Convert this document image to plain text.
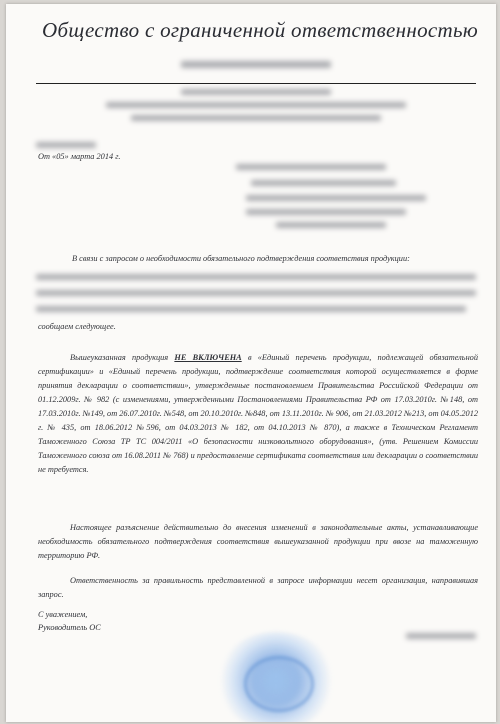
Общество с ограниченной ответственностью
От «05» марта 2014 г.
В связи с запросом о необходимости обязательного подтверждения соответствия продукции:
сообщаем следующее.
Вышеуказанная продукция НЕ ВКЛЮЧЕНА в «Единый перечень продукции, подлежащей обязательной сертификации» и «Единый перечень продукции, подтверждение соответствия которой осуществляется в форме принятия декларации о соответствии», утвержденные постановлением Правительства Российской Федерации от 01.12.2009г. № 982 (с изменениями, утвержденными Постановлениями Правительства РФ от 17.03.2010г. №148, от 17.03.2010г. №149, от 26.07.2010г. №548, от 20.10.2010г. №848, от 13.11.2010г. № 906, от 21.03.2012 №213, от 04.05.2012 г. № 435, от 18.06.2012 №596, от 04.03.2013 № 182, от 04.10.2013 № 870), а также в Техническом Регламент Таможенного Союза ТР ТС 004/2011 «О безопасности низковольтного оборудования», (утв. Решением Комиссии Таможенного союза от 16.08.2011 № 768) и предоставление сертификата соответствия или декларации о соответствии не требуется.
Настоящее разъяснение действительно до внесения изменений в законодательные акты, устанавливающие необходимость обязательного подтверждения соответствия вышеуказанной продукции при ввозе на таможенную территорию РФ.
Ответственность за правильность представленной в запросе информации несет организация, направившая запрос.
С уважением,
Руководитель ОС
